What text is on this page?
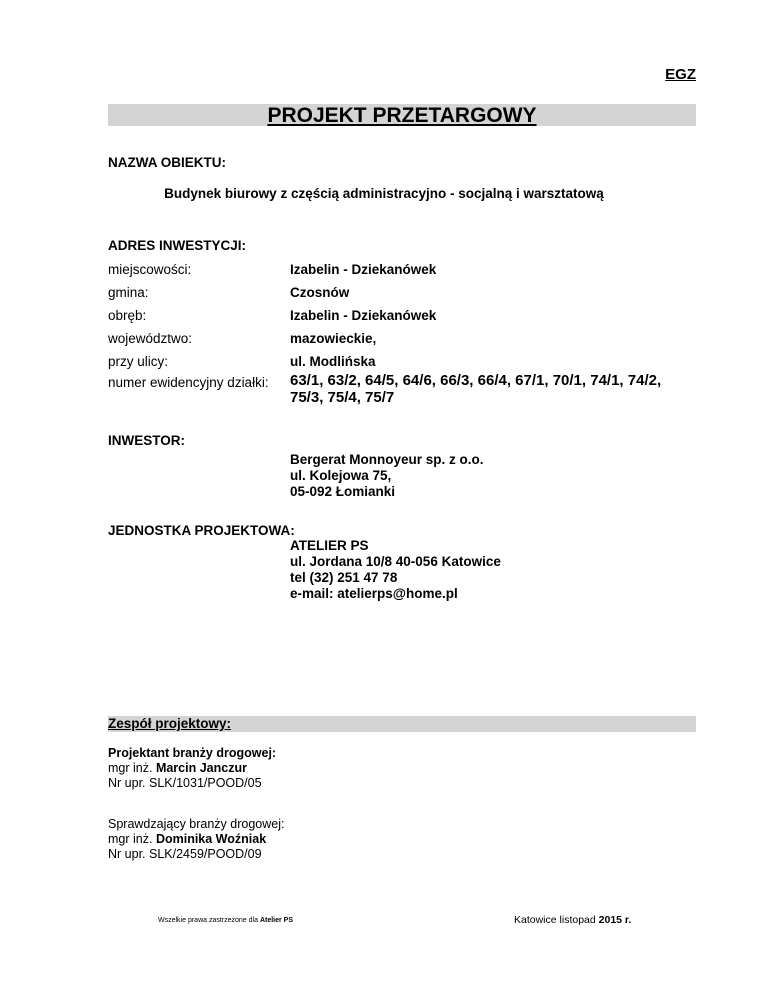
EGZ
PROJEKT PRZETARGOWY
NAZWA OBIEKTU:
Budynek biurowy z częścią administracyjno - socjalną i warsztatową
ADRES INWESTYCJI:
miejscowości:	Izabelin - Dziekanówek
gmina:	Czosnów
obręb:	Izabelin - Dziekanówek
województwo:	mazowieckie,
przy ulicy:	ul. Modlińska
numer ewidencyjny działki: 63/1, 63/2, 64/5, 64/6, 66/3, 66/4, 67/1, 70/1, 74/1, 74/2,
75/3, 75/4, 75/7
INWESTOR:
Bergerat Monnoyeur sp. z o.o.
ul. Kolejowa 75,
05-092 Łomianki
JEDNOSTKA PROJEKTOWA:
ATELIER PS
ul. Jordana 10/8 40-056 Katowice
tel (32) 251 47 78
e-mail: atelierps@home.pl
Zespół projektowy:
Projektant branży drogowej:
mgr inż. Marcin Janczur
Nr upr. SLK/1031/POOD/05
Sprawdzający branży drogowej:
mgr inż. Dominika Woźniak
Nr upr. SLK/2459/POOD/09
Wszelkie prawa zastrzeżone dla Atelier PS	Katowice listopad 2015 r.
